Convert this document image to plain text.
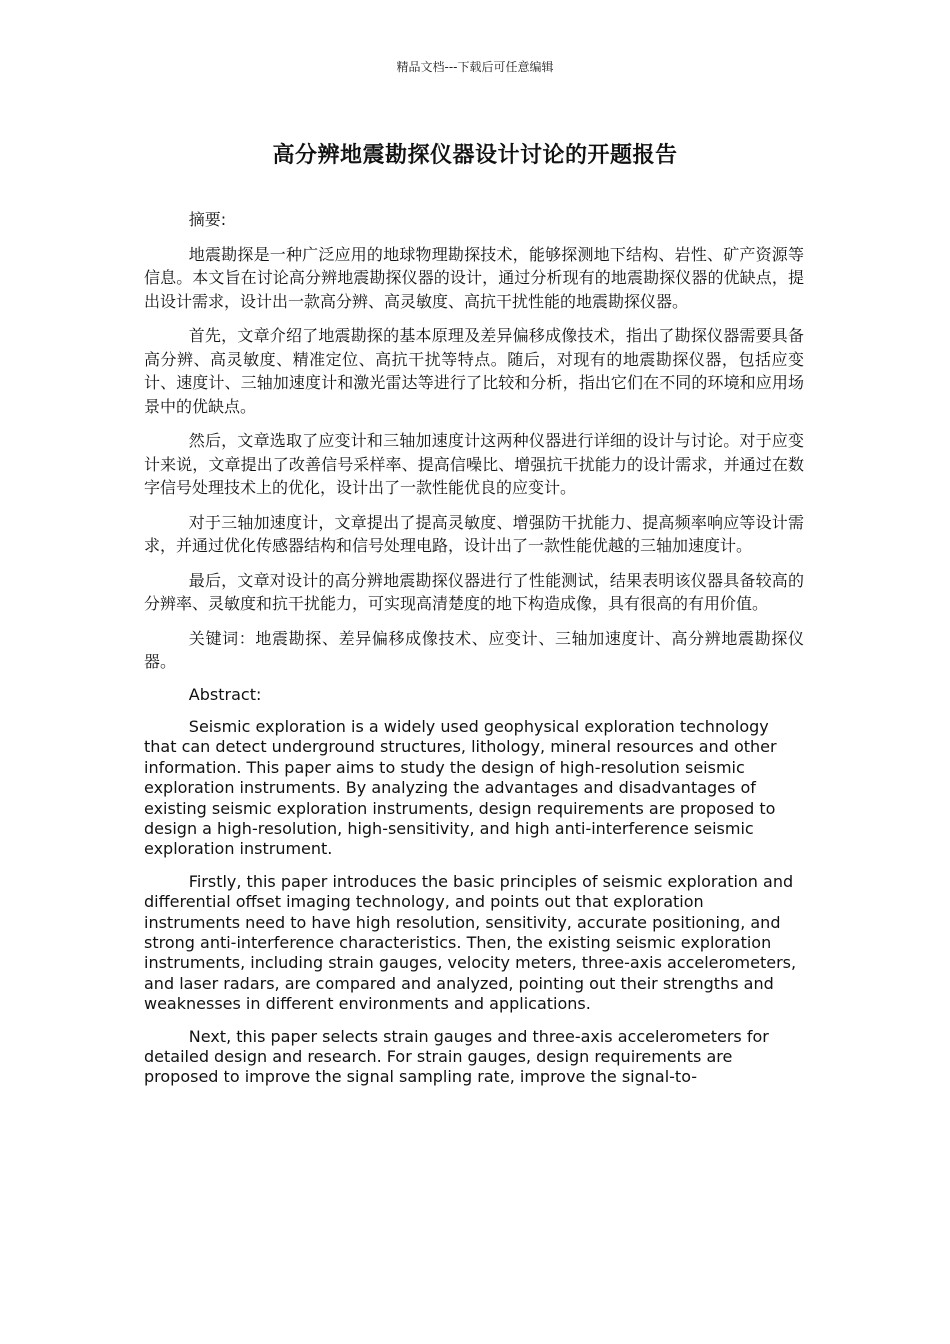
精品文档---下载后可任意编辑
高分辨地震勘探仪器设计讨论的开题报告

摘要:

地震勘探是一种广泛应用的地球物理勘探技术，能够探测地下结构、岩性、矿产资源等信息。本文旨在讨论高分辨地震勘探仪器的设计，通过分析现有的地震勘探仪器的优缺点，提出设计需求，设计出一款高分辨、高灵敏度、高抗干扰性能的地震勘探仪器。

首先，文章介绍了地震勘探的基本原理及差异偏移成像技术，指出了勘探仪器需要具备高分辨、高灵敏度、精准定位、高抗干扰等特点。随后，对现有的地震勘探仪器，包括应变计、速度计、三轴加速度计和激光雷达等进行了比较和分析，指出它们在不同的环境和应用场景中的优缺点。

然后，文章选取了应变计和三轴加速度计这两种仪器进行详细的设计与讨论。对于应变计来说，文章提出了改善信号采样率、提高信噪比、增强抗干扰能力的设计需求，并通过在数字信号处理技术上的优化，设计出了一款性能优良的应变计。

对于三轴加速度计，文章提出了提高灵敏度、增强防干扰能力、提高频率响应等设计需求，并通过优化传感器结构和信号处理电路，设计出了一款性能优越的三轴加速度计。

最后，文章对设计的高分辨地震勘探仪器进行了性能测试，结果表明该仪器具备较高的分辨率、灵敏度和抗干扰能力，可实现高清楚度的地下构造成像，具有很高的有用价值。

关键词：地震勘探、差异偏移成像技术、应变计、三轴加速度计、高分辨地震勘探仪器。

Abstract:

Seismic exploration is a widely used geophysical exploration technology that can detect underground structures, lithology, mineral resources and other information. This paper aims to study the design of high-resolution seismic exploration instruments. By analyzing the advantages and disadvantages of existing seismic exploration instruments, design requirements are proposed to design a high-resolution, high-sensitivity, and high anti-interference seismic exploration instrument.

Firstly, this paper introduces the basic principles of seismic exploration and differential offset imaging technology, and points out that exploration instruments need to have high resolution, sensitivity, accurate positioning, and strong anti-interference characteristics. Then, the existing seismic exploration instruments, including strain gauges, velocity meters, three-axis accelerometers, and laser radars, are compared and analyzed, pointing out their strengths and weaknesses in different environments and applications.

Next, this paper selects strain gauges and three-axis accelerometers for detailed design and research. For strain gauges, design requirements are proposed to improve the signal sampling rate, improve the signal-to-
